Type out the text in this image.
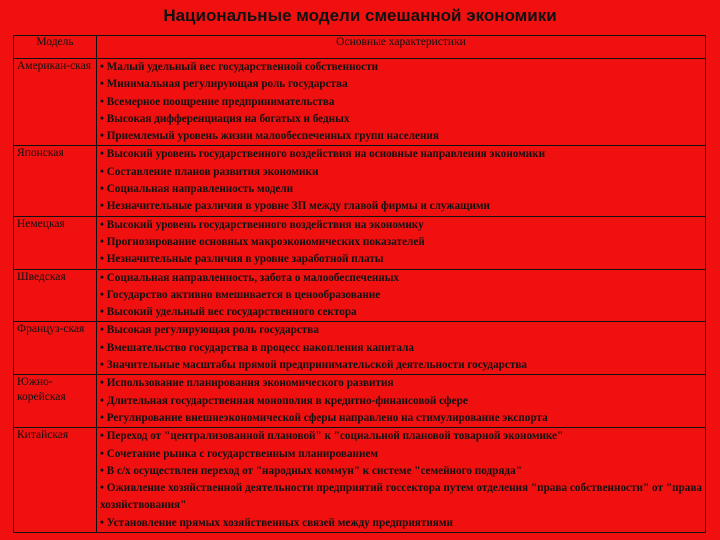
Национальные модели смешанной экономики
Модель	Основные характеристики
Американ-ская	• Малый удельный вес государственной собственности
• Минимальная регулирующая роль государства
• Всемерное поощрение предпринимательства
• Высокая дифференциация на богатых и бедных
• Приемлемый уровень жизни малообеспеченных групп населения

Японская	• Высокий уровень государственного воздействия на основные направления экономики
• Составление планов развития экономики
• Социальная направленность модели
• Незначительные различия в уровне ЗП между главой фирмы и служащими

Немецкая	• Высокий уровень государственного воздействия на экономику
• Прогнозирование основных макроэкономических показателей
• Незначительные различия в уровне заработной платы

Шведская	• Социальная направленность, забота о малообеспеченных
• Государство активно вмешивается в ценообразование
• Высокий удельный вес государственного сектора

Француз-ская	• Высокая регулирующая роль государства
• Вмешательство государства в процесс накопления капитала
• Значительные масштабы прямой предпринимательской деятельности государства

Южно-корейская	• Использование планирования экономического развития
• Длительная государственная монополия в кредитно-финансовой сфере
• Регулирование внешнеэкономической сферы направлено на стимулирование экспорта

Китайская	• Переход от "централизованной плановой" к "социальной плановой товарной экономике"
• Сочетание рынка с государственным планированием
• В с/х осуществлен переход от "народных коммун" к системе "семейного подряда"
• Оживление хозяйственной деятельности предприятий госсектора путем отделения "права собственности" от "права хозяйствования"
• Установление прямых хозяйственных связей между предприятиями
